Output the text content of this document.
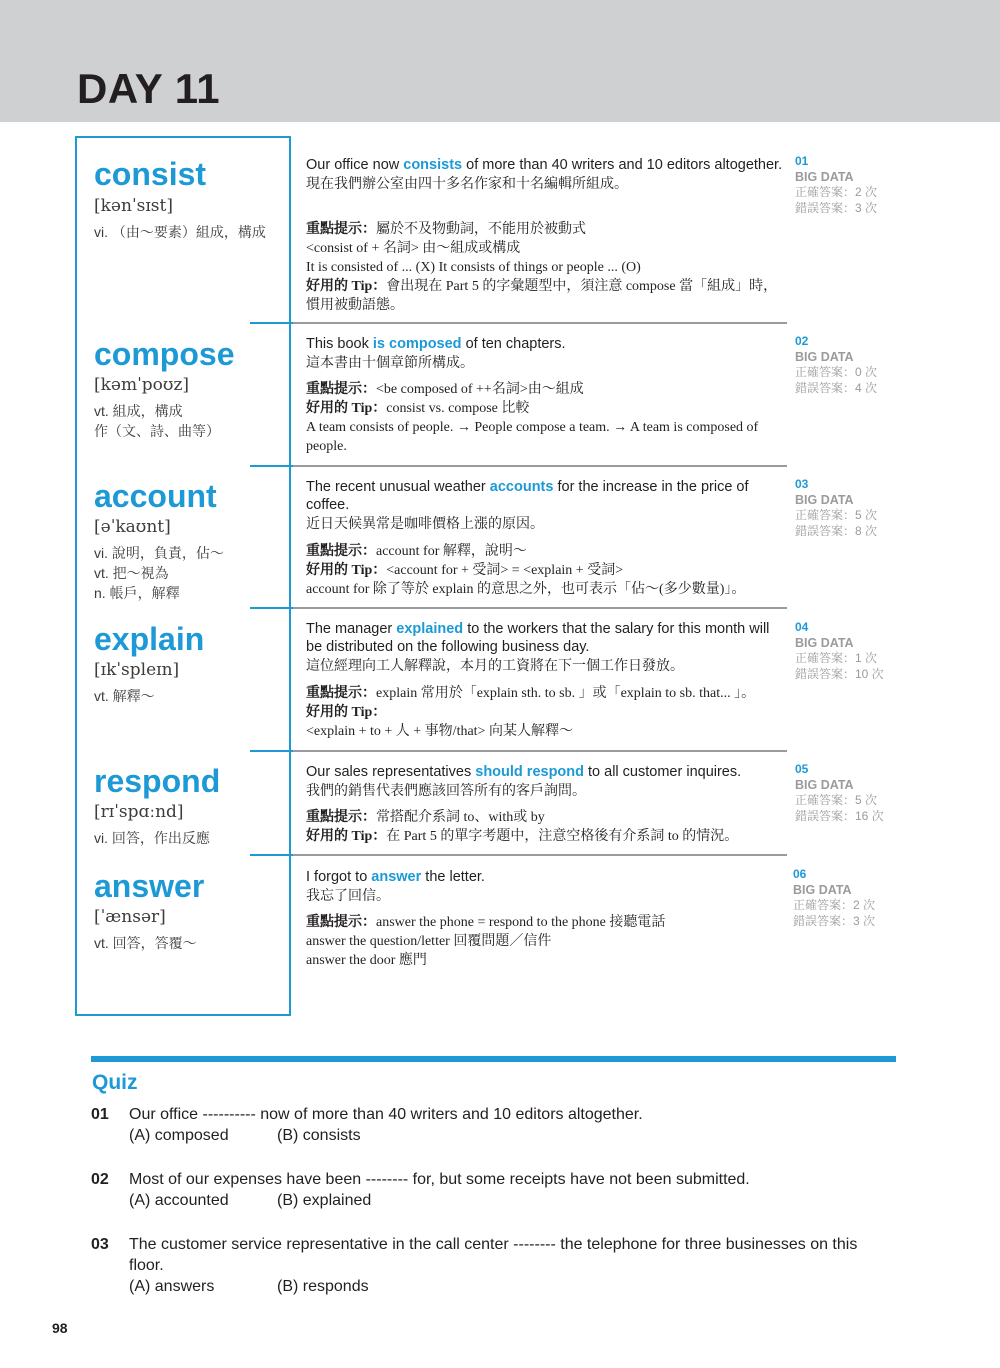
DAY 11
consist
[kənˈsɪst]
vi. （由～要素）組成，構成
Our office now consists of more than 40 writers and 10 editors altogether.
現在我們辦公室由四十多名作家和十名編輯所組成。
重點提示：屬於不及物動詞，不能用於被動式
<consist of + 名詞> 由～組成或構成
It is consisted of ... (X) It consists of things or people ... (O)
好用的 Tip：會出現在 Part 5 的字彙題型中，須注意 compose 當「組成」時，慣用被動語態。
01
BIG DATA
正確答案：2 次
錯誤答案：3 次
compose
[kəmˈpoʊz]
vt. 組成，構成
作（文、詩、曲等）
This book is composed of ten chapters.
這本書由十個章節所構成。
重點提示：<be composed of ++名詞>由～組成
好用的 Tip：consist vs. compose 比較
A team consists of people. → People compose a team. → A team is composed of people.
02
BIG DATA
正確答案：0 次
錯誤答案：4 次
account
[əˈkaʊnt]
vi. 說明，負責，佔～
vt. 把～視為
n. 帳戶，解釋
The recent unusual weather accounts for the increase in the price of coffee.
近日天候異常是咖啡價格上漲的原因。
重點提示：account for 解釋，說明～
好用的 Tip：<account for + 受詞> = <explain + 受詞>
account for 除了等於 explain 的意思之外，也可表示「佔～(多少數量)」。
03
BIG DATA
正確答案：5 次
錯誤答案：8 次
explain
[ɪkˈspleɪn]
vt. 解釋～
The manager explained to the workers that the salary for this month will be distributed on the following business day.
這位經理向工人解釋說，本月的工資將在下一個工作日發放。
重點提示：explain 常用於「explain sth. to sb. 」或「explain to sb. that... 」。
好用的 Tip：
<explain + to + 人 + 事物/that> 向某人解釋～
04
BIG DATA
正確答案：1 次
錯誤答案：10 次
respond
[rɪˈspɑːnd]
vi. 回答，作出反應
Our sales representatives should respond to all customer inquires.
我們的銷售代表們應該回答所有的客戶詢問。
重點提示：常搭配介系詞 to、with或 by
好用的 Tip：在 Part 5 的單字考題中，注意空格後有介系詞 to 的情況。
05
BIG DATA
正確答案：5 次
錯誤答案：16 次
answer
[ˈænsər]
vt. 回答，答覆～
I forgot to answer the letter.
我忘了回信。
重點提示：answer the phone = respond to the phone 接聽電話
answer the question/letter 回覆問題／信件
answer the door 應門
06
BIG DATA
正確答案：2 次
錯誤答案：3 次
Quiz
01 Our office ---------- now of more than 40 writers and 10 editors altogether.
(A) composed	(B) consists
02 Most of our expenses have been -------- for, but some receipts have not been submitted.
(A) accounted	(B) explained
03 The customer service representative in the call center -------- the telephone for three businesses on this floor.
(A) answers	(B) responds
98
